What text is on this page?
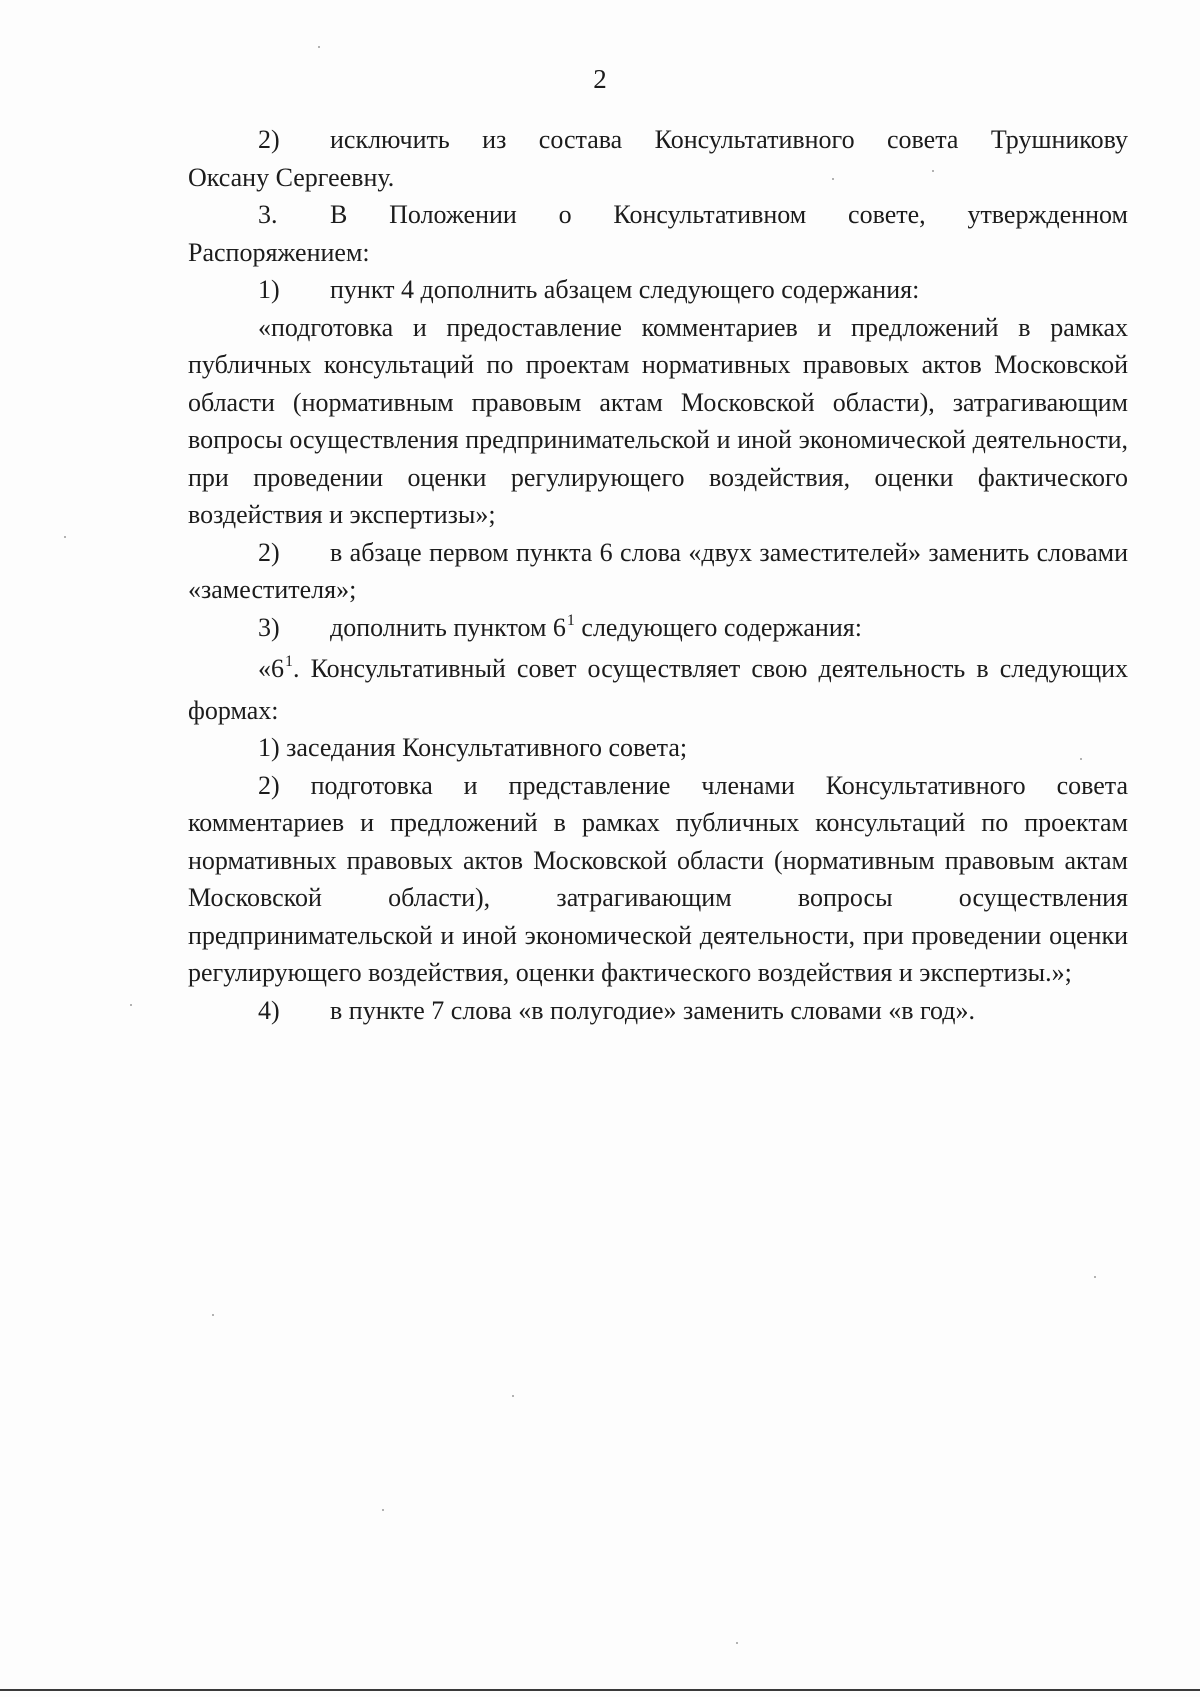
2

2) исключить из состава Консультативного совета Трушникову

Оксану Сергеевну.

3. В Положении о Консультативном совете, утвержденном

Распоряжением:

1) пункт 4 дополнить абзацем следующего содержания:

«подготовка и предоставление комментариев и предложений в рамках публичных консультаций по проектам нормативных правовых актов Московской области (нормативным правовым актам Московской области), затрагивающим вопросы осуществления предпринимательской и иной экономической деятельности, при проведении оценки регулирующего воздействия, оценки фактического воздействия и экспертизы»;

2) в абзаце первом пункта 6 слова «двух заместителей» заменить словами «заместителя»;

3) дополнить пунктом $6^1$ следующего содержания:

«$6^1$. Консультативный совет осуществляет свою деятельность в следующих формах:

1) заседания Консультативного совета;

2) подготовка и представление членами Консультативного совета комментариев и предложений в рамках публичных консультаций по проектам нормативных правовых актов Московской области (нормативным правовым актам Московской области), затрагивающим вопросы осуществления предпринимательской и иной экономической деятельности, при проведении оценки регулирующего воздействия, оценки фактического воздействия и экспертизы.»;

4) в пункте 7 слова «в полугодие» заменить словами «в год».
